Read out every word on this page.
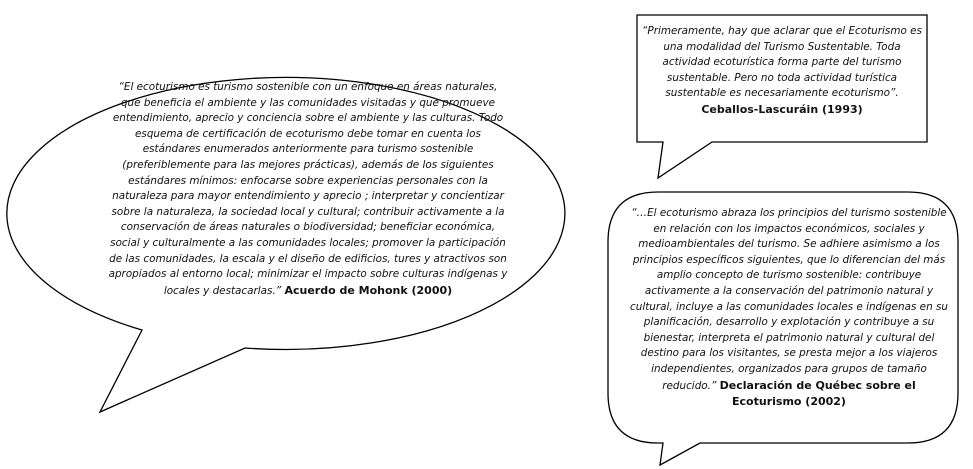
“El ecoturismo es turismo sostenible con un enfoque en áreas naturales, que beneficia el ambiente y las comunidades visitadas y que promueve entendimiento, aprecio y conciencia sobre el ambiente y las culturas. Todo esquema de certificación de ecoturismo debe tomar en cuenta los estándares enumerados anteriormente para turismo sostenible (preferiblemente para las mejores prácticas), además de los siguientes estándares mínimos: enfocarse sobre experiencias personales con la naturaleza para mayor entendimiento y aprecio ; interpretar y concientizar sobre la naturaleza, la sociedad local y cultural; contribuir activamente a la conservación de áreas naturales o biodiversidad; beneficiar económica, social y culturalmente a las comunidades locales; promover la participación de las comunidades, la escala y el diseño de edificios, tures y atractivos son apropiados al entorno local; minimizar el impacto sobre culturas indígenas y locales y destacarlas.” Acuerdo de Mohonk (2000)
“Primeramente, hay que aclarar que el Ecoturismo es una modalidad del Turismo Sustentable. Toda actividad ecoturística forma parte del turismo sustentable. Pero no toda actividad turística sustentable es necesariamente ecoturismo”.
Ceballos-Lascuráin (1993)
“…El ecoturismo abraza los principios del turismo sostenible en relación con los impactos económicos, sociales y medioambientales del turismo. Se adhiere asimismo a los principios específicos siguientes, que lo diferencian del más amplio concepto de turismo sostenible: contribuye activamente a la conservación del patrimonio natural y cultural, incluye a las comunidades locales e indígenas en su planificación, desarrollo y explotación y contribuye a su bienestar, interpreta el patrimonio natural y cultural del destino para los visitantes, se presta mejor a los viajeros independientes, organizados para grupos de tamaño reducido.” Declaración de Québec sobre el Ecoturismo (2002)
